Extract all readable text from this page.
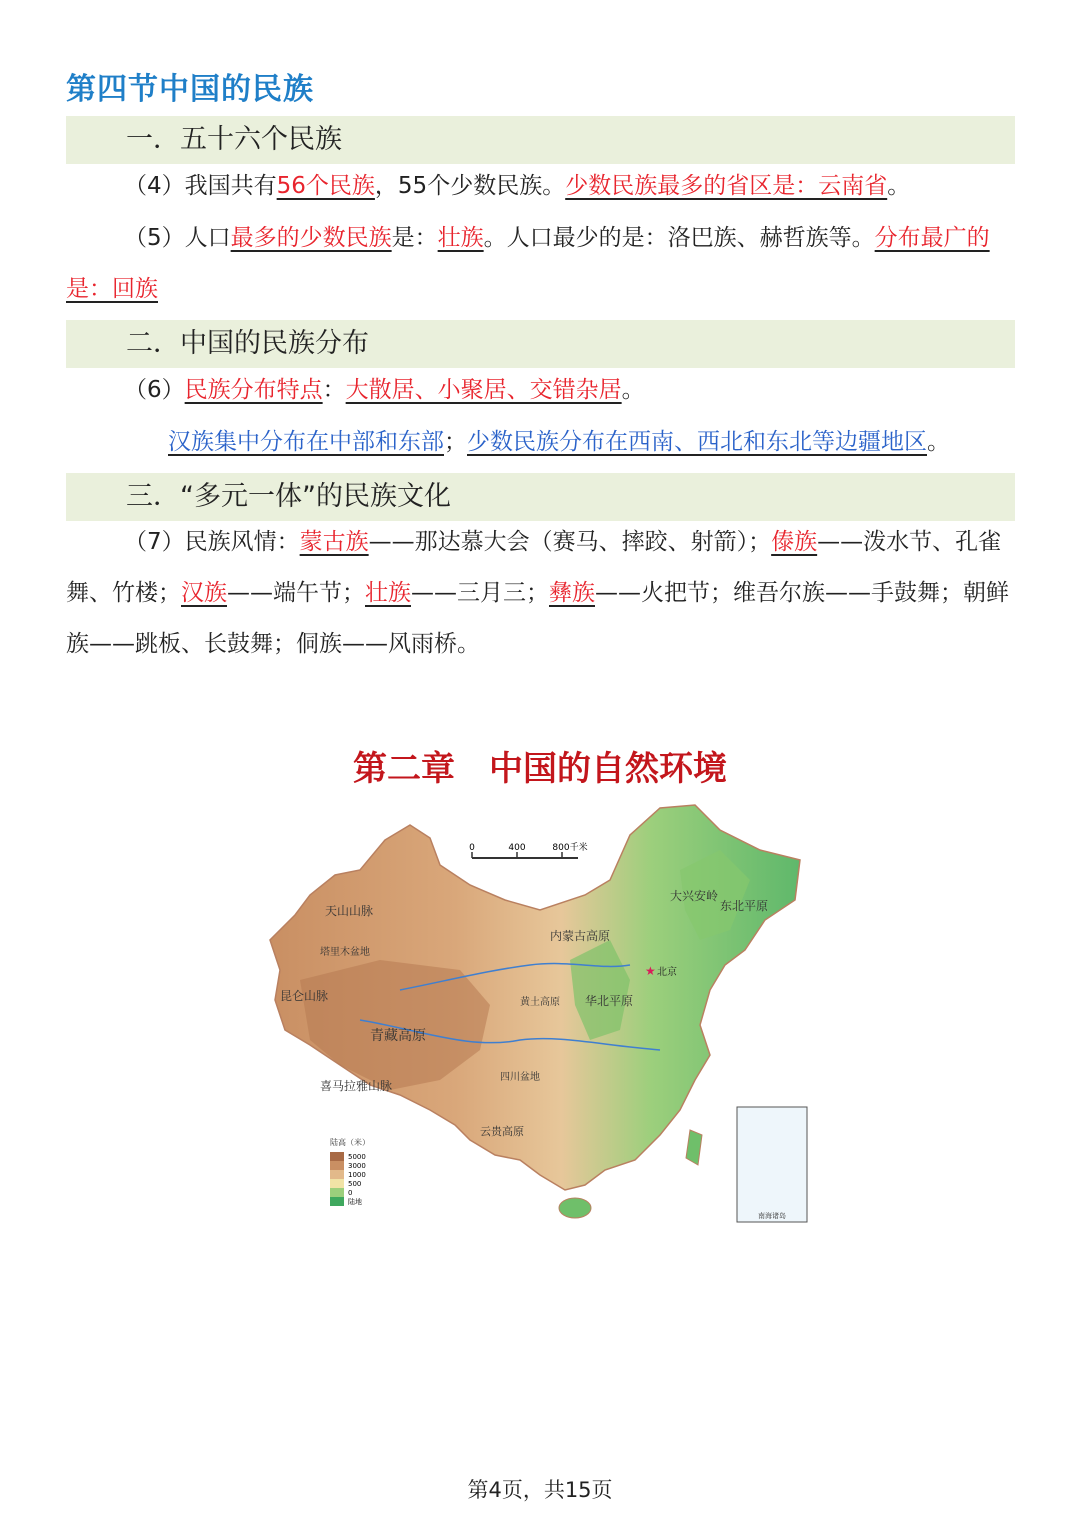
第四节中国的民族
一．五十六个民族

（4）我国共有56个民族，55个少数民族。少数民族最多的省区是：云南省。

（5）人口最多的少数民族是：壮族。人口最少的是：洛巴族、赫哲族等。分布最广的是：回族

二．中国的民族分布

（6）民族分布特点：大散居、小聚居、交错杂居。

汉族集中分布在中部和东部；少数民族分布在西南、西北和东北等边疆地区。

三．“多元一体”的民族文化

（7）民族风情：蒙古族——那达慕大会（赛马、摔跤、射箭）；傣族——泼水节、孔雀舞、竹楼；汉族——端午节；壮族——三月三；彝族——火把节；维吾尔族——手鼓舞；朝鲜族——跳板、长鼓舞；侗族——风雨桥。

第二章　中国的自然环境
0	400	800千米
★ 北京
天山山脉
塔里木盆地
昆仑山脉
青藏高原
喜马拉雅山脉
内蒙古高原
大兴安岭
东北平原
华北平原
黄土高原
四川盆地
云贵高原
陆高（米）
5000
3000
1000
500
0
陆地
南海诸岛
第4页，共15页
